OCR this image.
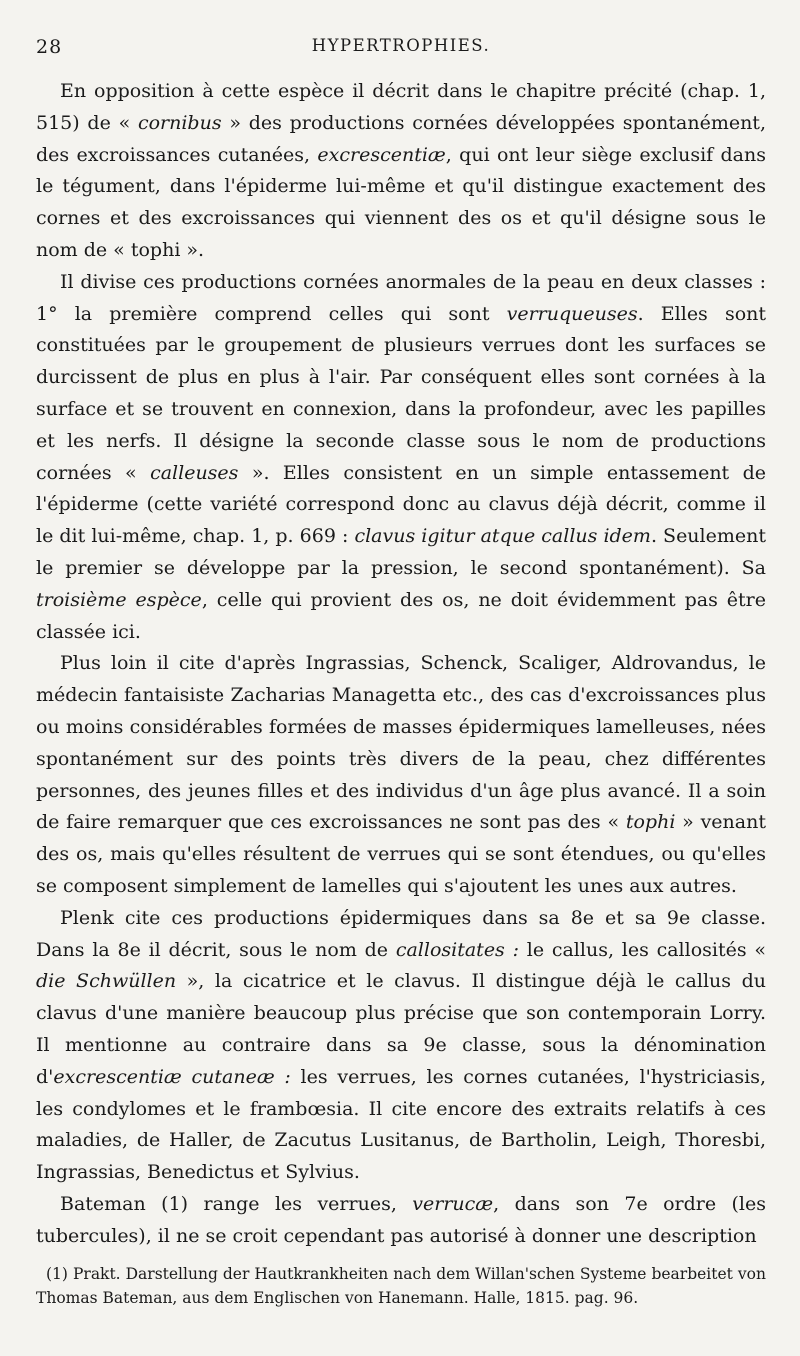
28	HYPERTROPHIES.

En opposition à cette espèce il décrit dans le chapitre précité (chap. 1, 515) de « cornibus » des productions cornées développées spontanément, des excroissances cutanées, excrescentiæ, qui ont leur siège exclusif dans le tégument, dans l'épiderme lui-même et qu'il distingue exactement des cornes et des excroissances qui viennent des os et qu'il désigne sous le nom de « tophi ».

Il divise ces productions cornées anormales de la peau en deux classes : 1° la première comprend celles qui sont verruqueuses. Elles sont constituées par le groupement de plusieurs verrues dont les surfaces se durcissent de plus en plus à l'air. Par conséquent elles sont cornées à la surface et se trouvent en connexion, dans la profondeur, avec les papilles et les nerfs. Il désigne la seconde classe sous le nom de productions cornées « calleuses ». Elles consistent en un simple entassement de l'épiderme (cette variété correspond donc au clavus déjà décrit, comme il le dit lui-même, chap. 1, p. 669 : clavus igitur atque callus idem. Seulement le premier se développe par la pression, le second spontanément). Sa troisième espèce, celle qui provient des os, ne doit évidemment pas être classée ici.

Plus loin il cite d'après Ingrassias, Schenck, Scaliger, Aldrovandus, le médecin fantaisiste Zacharias Managetta etc., des cas d'excroissances plus ou moins considérables formées de masses épidermiques lamelleuses, nées spontanément sur des points très divers de la peau, chez différentes personnes, des jeunes filles et des individus d'un âge plus avancé. Il a soin de faire remarquer que ces excroissances ne sont pas des « tophi » venant des os, mais qu'elles résultent de verrues qui se sont étendues, ou qu'elles se composent simplement de lamelles qui s'ajoutent les unes aux autres.

Plenk cite ces productions épidermiques dans sa 8e et sa 9e classe. Dans la 8e il décrit, sous le nom de callositates : le callus, les callosités « die Schwüllen », la cicatrice et le clavus. Il distingue déjà le callus du clavus d'une manière beaucoup plus précise que son contemporain Lorry. Il mentionne au contraire dans sa 9e classe, sous la dénomination d'excrescentiæ cutaneæ : les verrues, les cornes cutanées, l'hystriciasis, les condylomes et le frambœsia. Il cite encore des extraits relatifs à ces maladies, de Haller, de Zacutus Lusitanus, de Bartholin, Leigh, Thoresbi, Ingrassias, Benedictus et Sylvius.

Bateman (1) range les verrues, verrucæ, dans son 7e ordre (les tubercules), il ne se croit cependant pas autorisé à donner une description

(1) Prakt. Darstellung der Hautkrankheiten nach dem Willan'schen Systeme bearbeitet von Thomas Bateman, aus dem Englischen von Hanemann. Halle, 1815. pag. 96.
